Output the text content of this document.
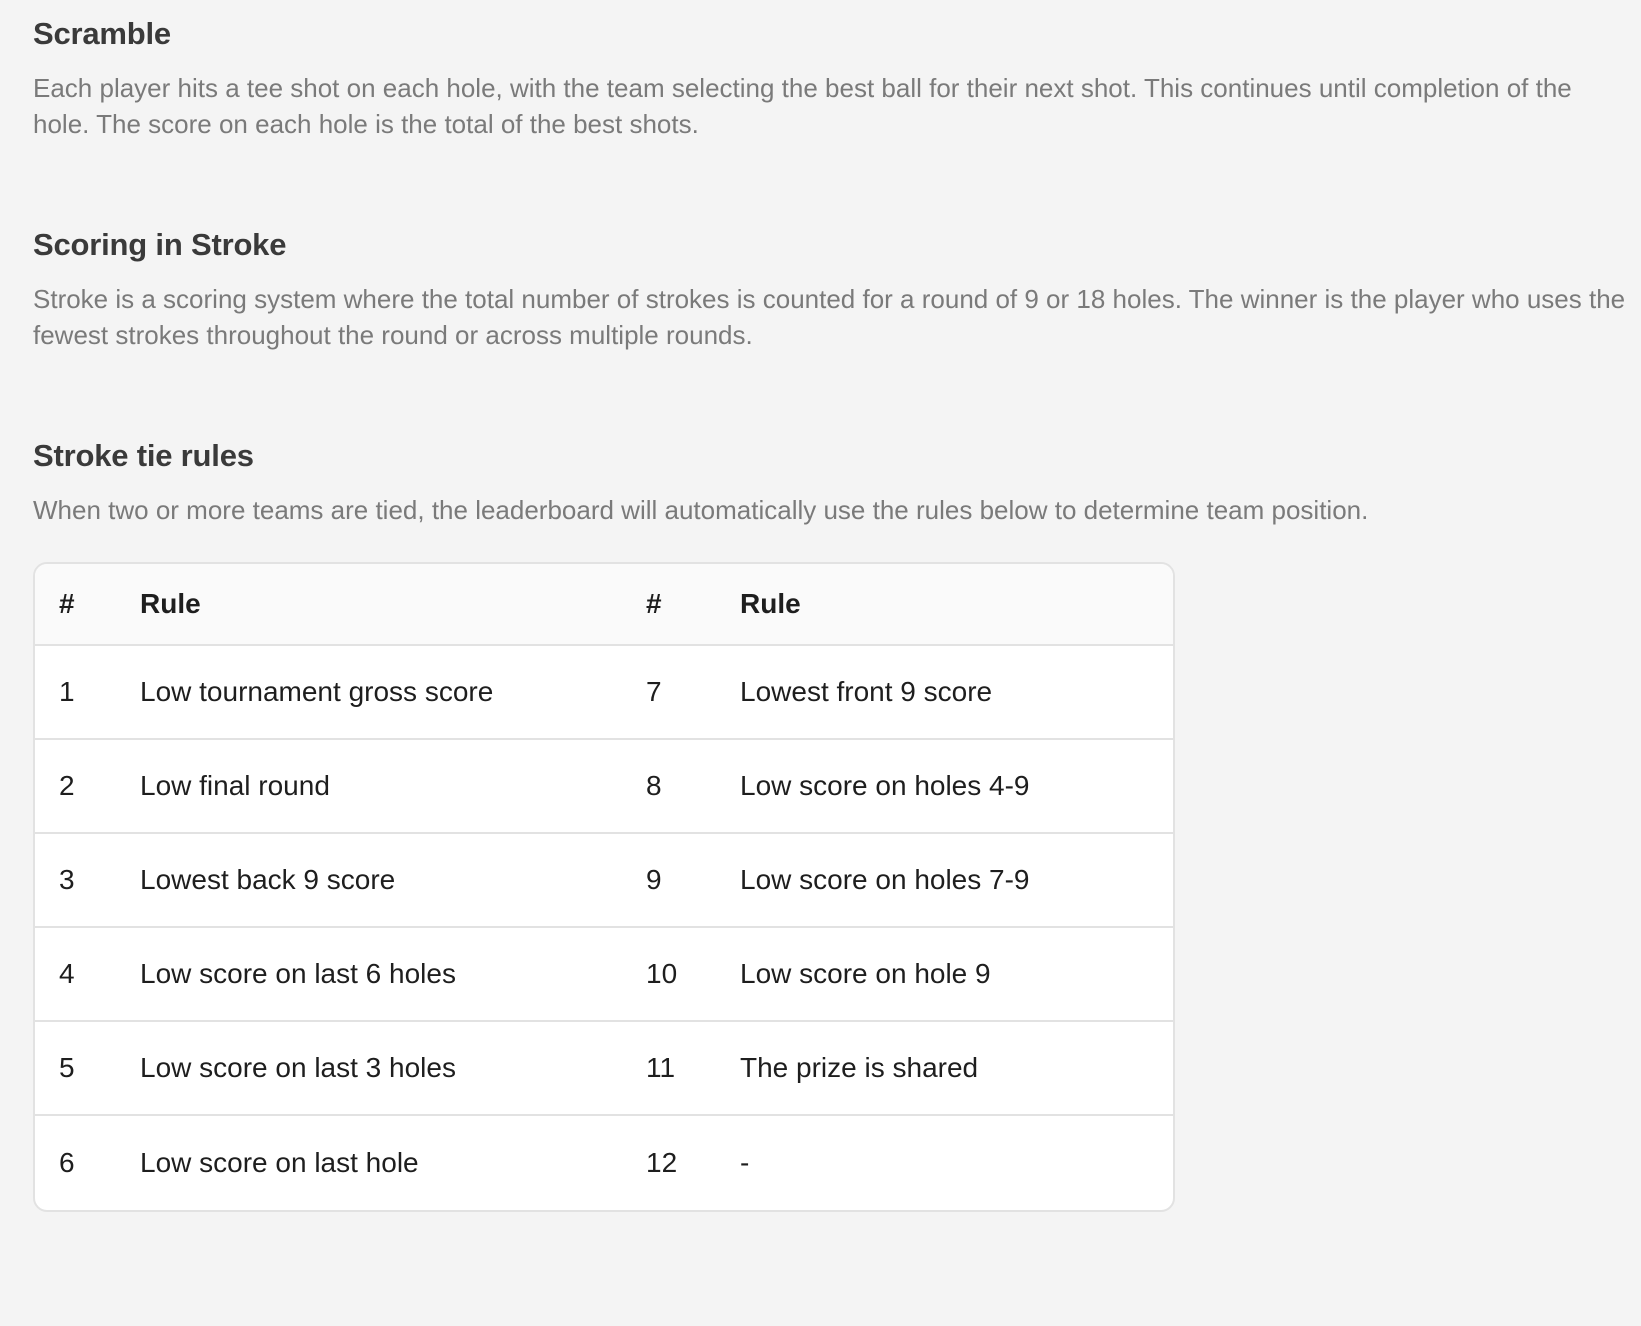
Scramble

Each player hits a tee shot on each hole, with the team selecting the best ball for their next shot. This continues until completion of the hole. The score on each hole is the total of the best shots.

Scoring in Stroke

Stroke is a scoring system where the total number of strokes is counted for a round of 9 or 18 holes. The winner is the player who uses the fewest strokes throughout the round or across multiple rounds.

Stroke tie rules

When two or more teams are tied, the leaderboard will automatically use the rules below to determine team position.

#	Rule	#	Rule
1	Low tournament gross score	7	Lowest front 9 score
2	Low final round	8	Low score on holes 4-9
3	Lowest back 9 score	9	Low score on holes 7-9
4	Low score on last 6 holes	10	Low score on hole 9
5	Low score on last 3 holes	11	The prize is shared
6	Low score on last hole	12	-
